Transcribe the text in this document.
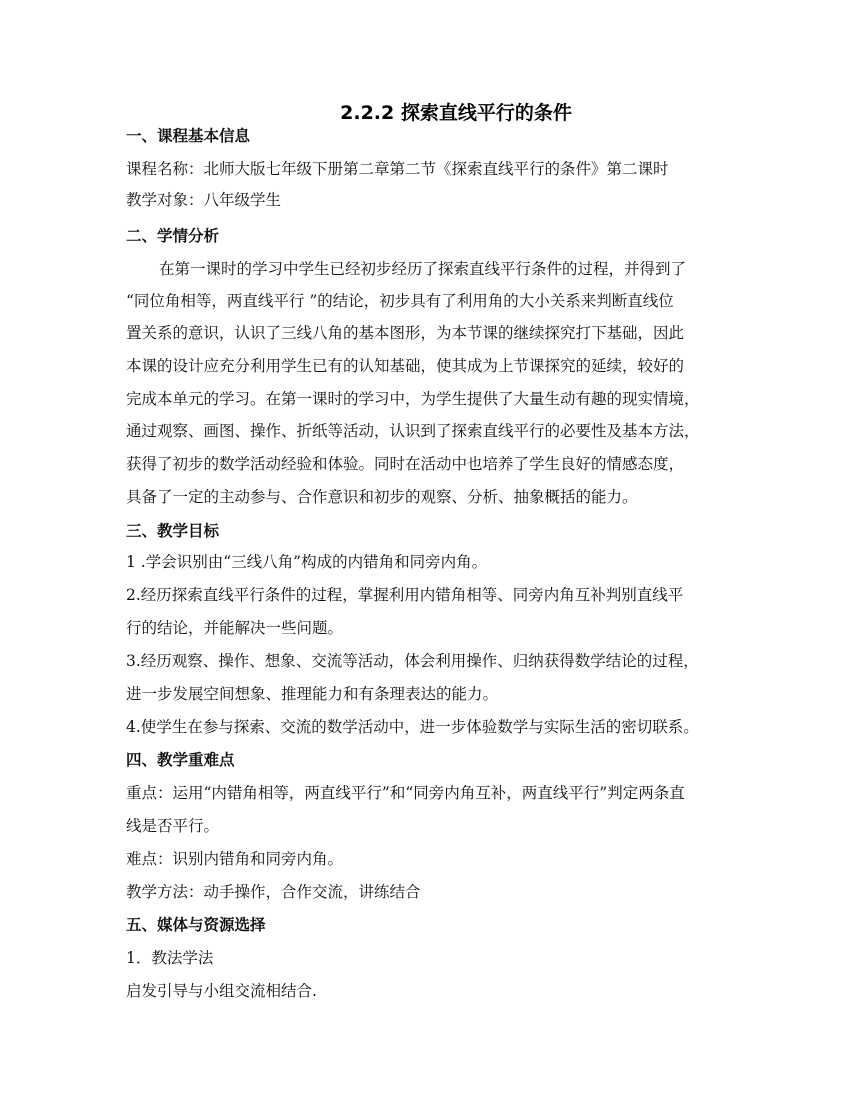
2.2.2 探索直线平行的条件
一、课程基本信息
课程名称：北师大版七年级下册第二章第二节《探索直线平行的条件》第二课时
教学对象：八年级学生
二、学情分析
在第一课时的学习中学生已经初步经历了探索直线平行条件的过程，并得到了
“同位角相等，两直线平行 ”的结论，初步具有了利用角的大小关系来判断直线位
置关系的意识，认识了三线八角的基本图形，为本节课的继续探究打下基础，因此
本课的设计应充分利用学生已有的认知基础，使其成为上节课探究的延续，较好的
完成本单元的学习。在第一课时的学习中，为学生提供了大量生动有趣的现实情境，
通过观察、画图、操作、折纸等活动，认识到了探索直线平行的必要性及基本方法，
获得了初步的数学活动经验和体验。同时在活动中也培养了学生良好的情感态度，
具备了一定的主动参与、合作意识和初步的观察、分析、抽象概括的能力。
三、教学目标
1 .学会识别由“三线八角”构成的内错角和同旁内角。
2.经历探索直线平行条件的过程，掌握利用内错角相等、同旁内角互补判别直线平
行的结论，并能解决一些问题。
3.经历观察、操作、想象、交流等活动，体会利用操作、归纳获得数学结论的过程，
进一步发展空间想象、推理能力和有条理表达的能力。
4.使学生在参与探索、交流的数学活动中，进一步体验数学与实际生活的密切联系。
四、教学重难点
重点：运用“内错角相等，两直线平行”和“同旁内角互补，两直线平行”判定两条直
线是否平行。
难点：识别内错角和同旁内角。
教学方法：动手操作，合作交流，讲练结合
五、媒体与资源选择
1．教法学法
启发引导与小组交流相结合.
